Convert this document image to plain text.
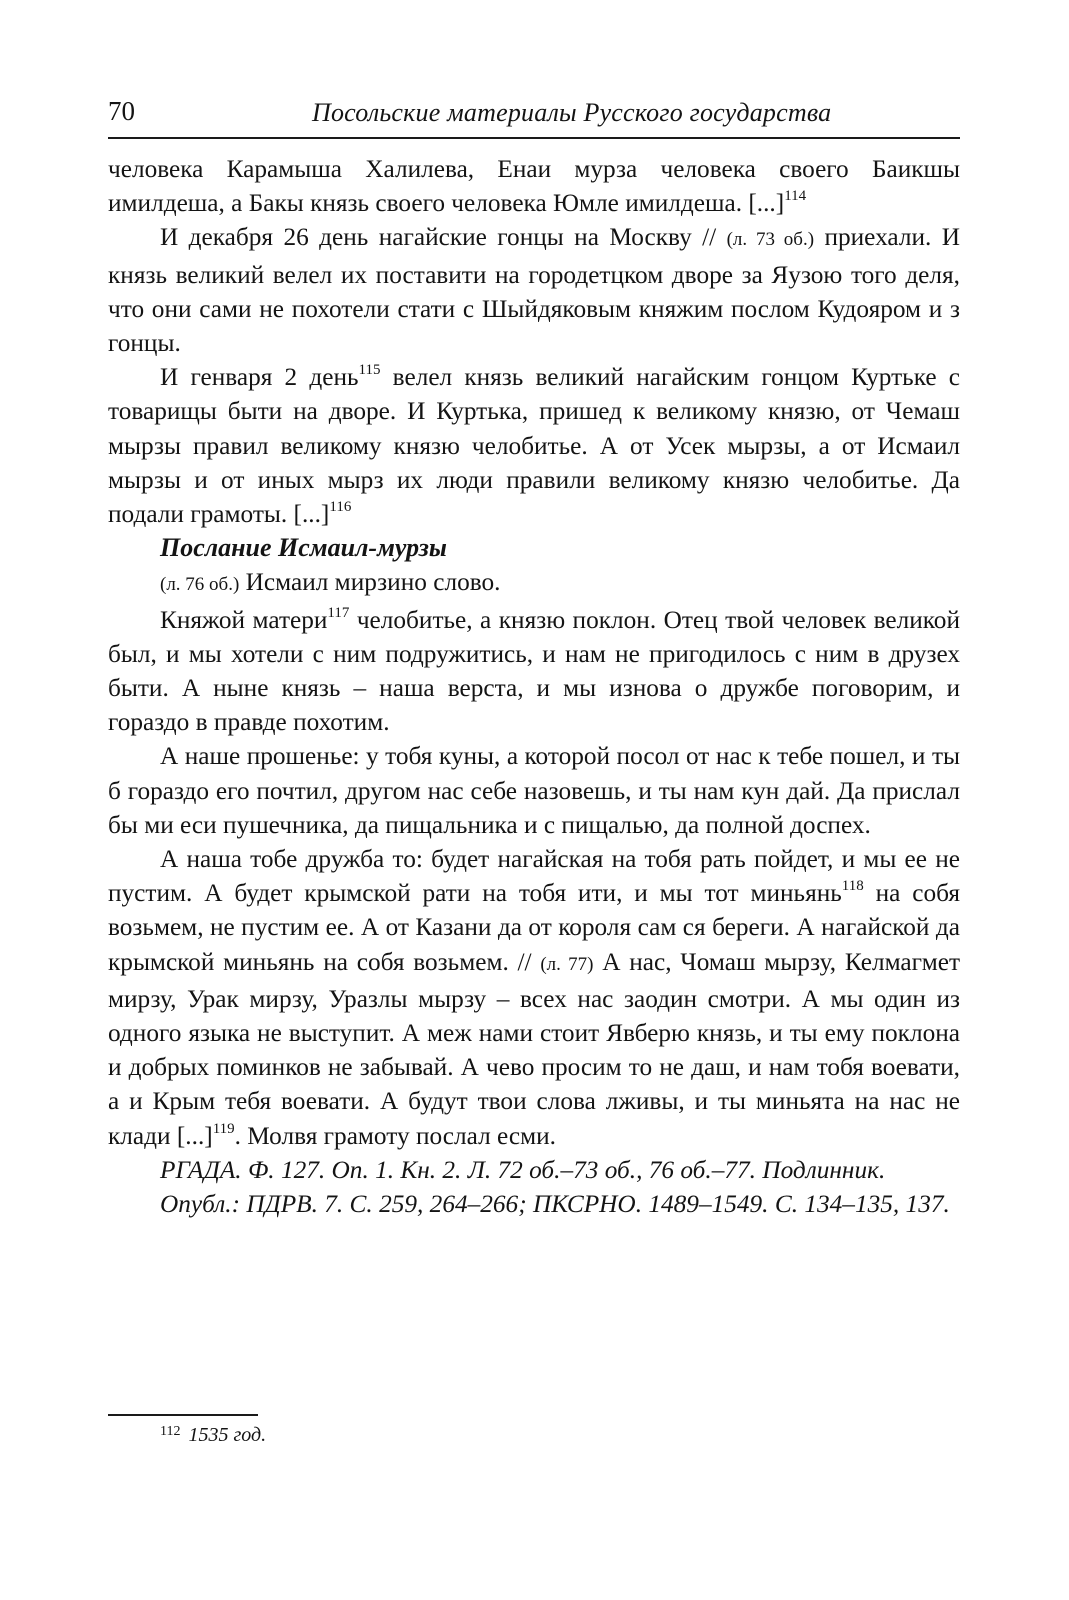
70	Посольские материалы Русского государства

человека Карамыша Халилева, Енаи мурза человека своего Баикшы имилдеша, а Бакы князь своего человека Юмле имилдеша. [...]$^{114}$

И декабря 26 день нагайские гонцы на Москву // (л. 73 об.) приехали. И князь великий велел их поставити на городетцком дворе за Яузою того деля, что они сами не похотели стати с Шыйдяковым княжим послом Кудояром и з гонцы.

И генваря 2 день$^{115}$ велел князь великий нагайским гонцом Куртьке с товарищы быти на дворе. И Куртька, пришед к великому князю, от Чемаш мырзы правил великому князю челобитье. А от Усек мырзы, а от Исмаил мырзы и от иных мырз их люди правили великому князю челобитье. Да подали грамоты. [...]$^{116}$

Послание Исмаил-мурзы

(л. 76 об.) Исмаил мирзино слово.

Княжой матери$^{117}$ челобитье, а князю поклон. Отец твой человек великой был, и мы хотели с ним подружитись, и нам не пригодилось с ним в друзех быти. А ныне князь – наша верста, и мы изнова о дружбе поговорим, и гораздо в правде похотим.

А наше прошенье: у тобя куны, а которой посол от нас к тебе пошел, и ты б гораздо его почтил, другом нас себе назовешь, и ты нам кун дай. Да прислал бы ми еси пушечника, да пищальника и с пищалью, да полной доспех.

А наша тобе дружба то: будет нагайская на тобя рать пойдет, и мы ее не пустим. А будет крымской рати на тобя ити, и мы тот миньянь$^{118}$ на собя возьмем, не пустим ее. А от Казани да от короля сам ся береги. А нагайской да крымской миньянь на собя возьмем. // (л. 77) А нас, Чомаш мырзу, Келмагмет мирзу, Урак мирзу, Уразлы мырзу – всех нас заодин смотри. А мы один из одного языка не выступит. А меж нами стоит Явберю князь, и ты ему поклона и добрых поминков не забывай. А чево просим то не даш, и нам тобя воевати, а и Крым тебя воевати. А будут твои слова лживы, и ты миньята на нас не клади [...]$^{119}$. Молвя грамоту послал есми.

РГАДА. Ф. 127. Оп. 1. Кн. 2. Л. 72 об.–73 об., 76 об.–77. Подлинник.

Опубл.: ПДРВ. 7. С. 259, 264–266; ПКСРНО. 1489–1549. С. 134–135, 137.

$^{112}$ 1535 год.
